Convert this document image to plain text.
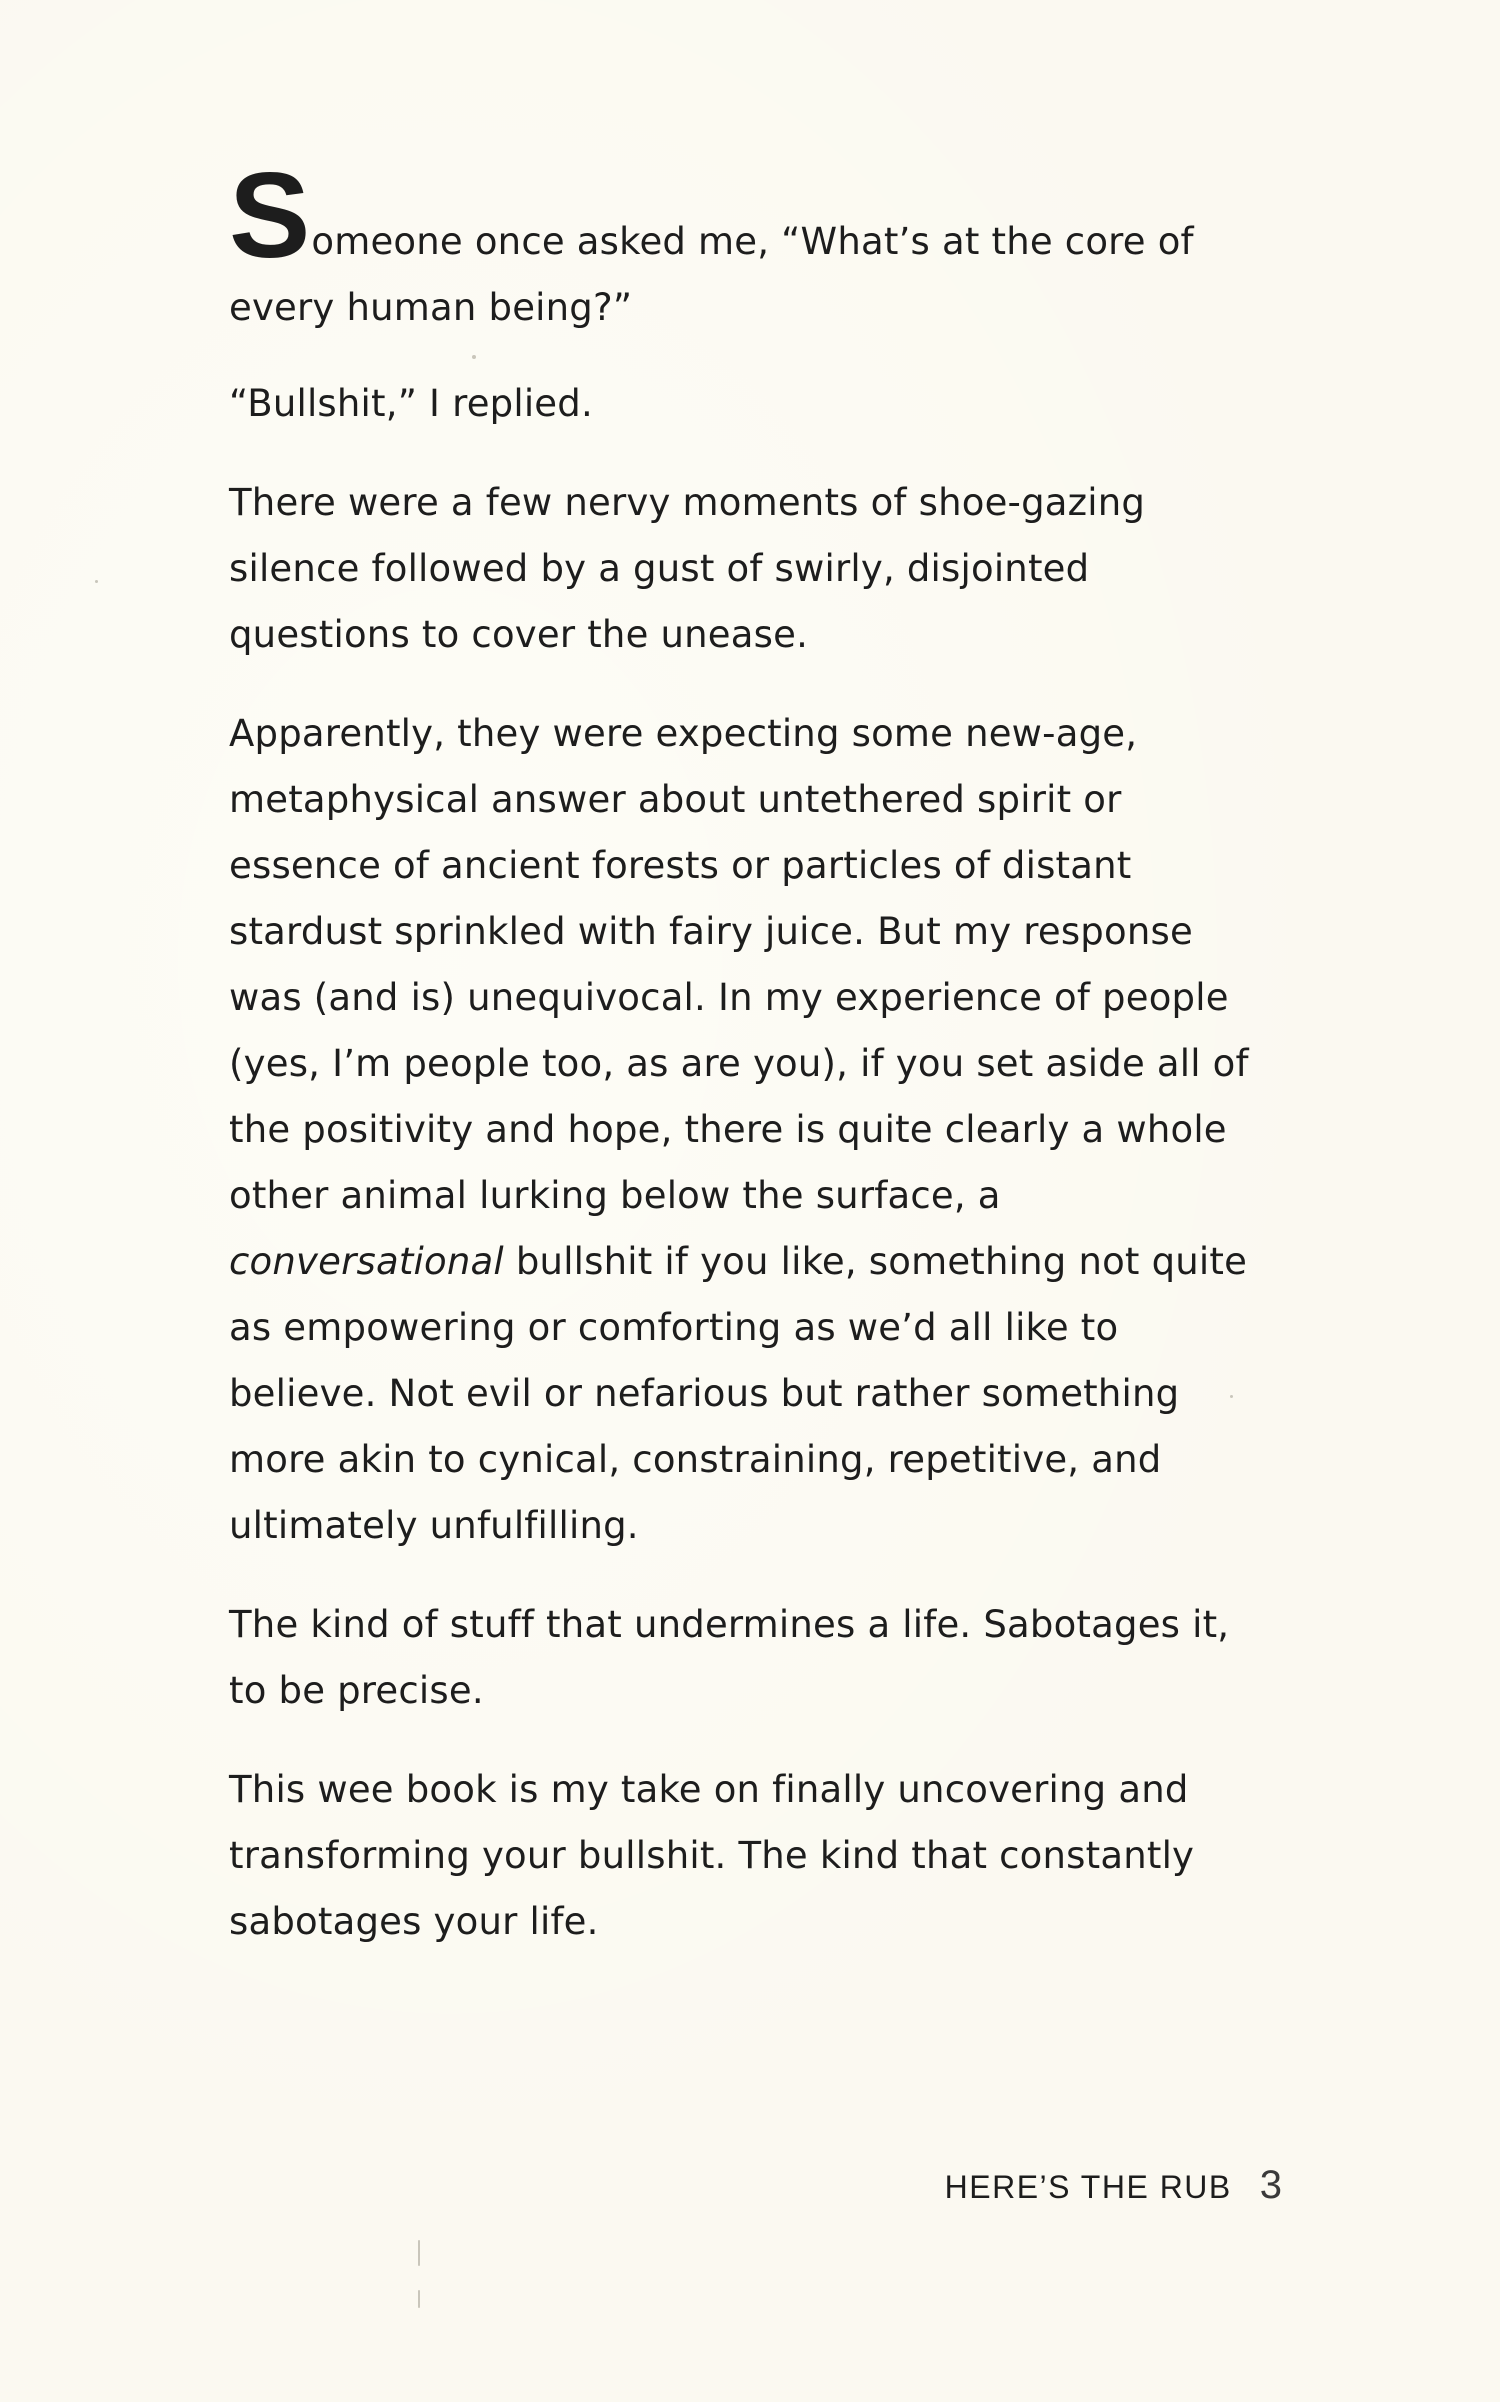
Someone once asked me, “What’s at the core of every human being?”

“Bullshit,” I replied.

There were a few nervy moments of shoe-gazing silence followed by a gust of swirly, disjointed questions to cover the unease.

Apparently, they were expecting some new-age, metaphysical answer about untethered spirit or essence of ancient forests or particles of distant stardust sprinkled with fairy juice. But my response was (and is) unequivocal. In my experience of people (yes, I’m people too, as are you), if you set aside all of the positivity and hope, there is quite clearly a whole other animal lurking below the surface, a conversational bullshit if you like, something not quite as empowering or comforting as we’d all like to believe. Not evil or nefarious but rather something more akin to cynical, constraining, repetitive, and ultimately unfulfilling.

The kind of stuff that undermines a life. Sabotages it, to be precise.

This wee book is my take on finally uncovering and transforming your bullshit. The kind that constantly sabotages your life.

HERE’S THE RUB 3
